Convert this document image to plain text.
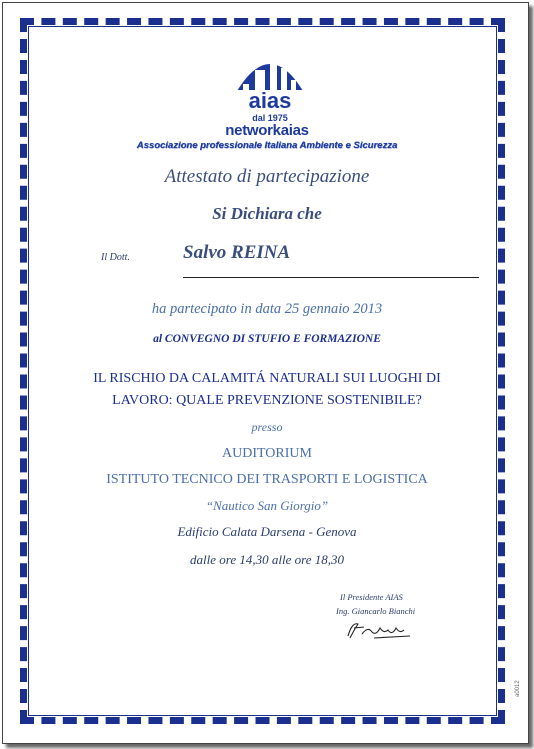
aias
dal 1975
networkaias
Associazione professionale Italiana Ambiente e Sicurezza
Attestato di partecipazione
Si Dichiara che
Il Dott.	Salvo REINA
ha partecipato in data 25 gennaio 2013
al CONVEGNO DI STUFIO E FORMAZIONE
IL RISCHIO DA CALAMITÁ NATURALI SUI LUOGHI DI
LAVORO: QUALE PREVENZIONE SOSTENIBILE?
presso
AUDITORIUM
ISTITUTO TECNICO DEI TRASPORTI E LOGISTICA
“Nautico San Giorgio”
Edificio Calata Darsena - Genova
dalle ore 14,30 alle ore 18,30
Il Presidente AIAS
Ing. Giancarlo Bianchi
a0012
